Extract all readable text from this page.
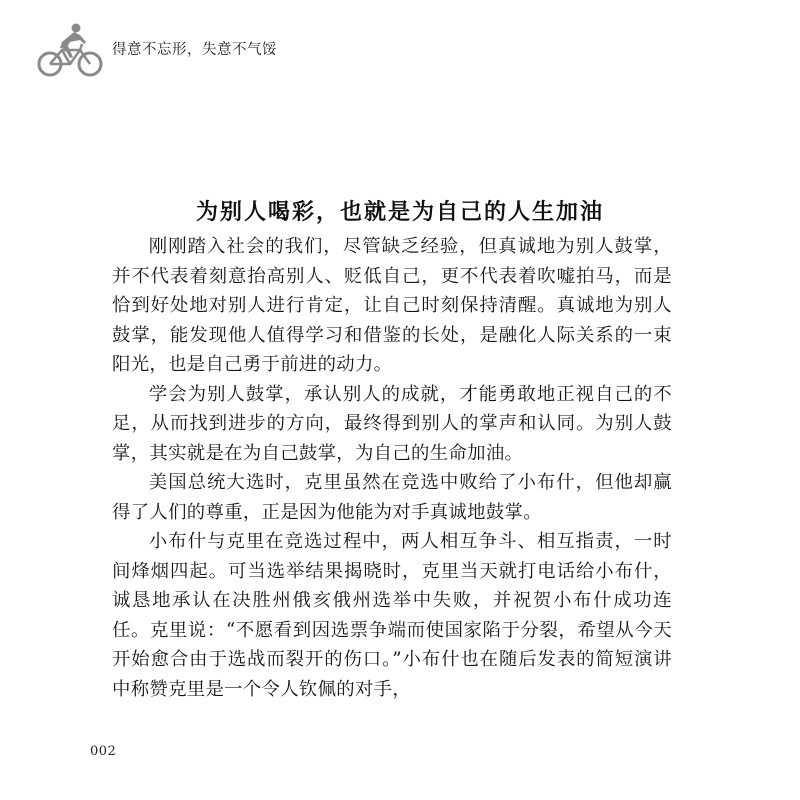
得意不忘形，失意不气馁
为别人喝彩，也就是为自己的人生加油

刚刚踏入社会的我们，尽管缺乏经验，但真诚地为别人鼓掌，并不代表着刻意抬高别人、贬低自己，更不代表着吹嘘拍马，而是恰到好处地对别人进行肯定，让自己时刻保持清醒。真诚地为别人鼓掌，能发现他人值得学习和借鉴的长处，是融化人际关系的一束阳光，也是自己勇于前进的动力。

学会为别人鼓掌，承认别人的成就，才能勇敢地正视自己的不足，从而找到进步的方向，最终得到别人的掌声和认同。为别人鼓掌，其实就是在为自己鼓掌，为自己的生命加油。

美国总统大选时，克里虽然在竞选中败给了小布什，但他却赢得了人们的尊重，正是因为他能为对手真诚地鼓掌。

小布什与克里在竞选过程中，两人相互争斗、相互指责，一时间烽烟四起。可当选举结果揭晓时，克里当天就打电话给小布什，诚恳地承认在决胜州俄亥俄州选举中失败，并祝贺小布什成功连任。克里说：“不愿看到因选票争端而使国家陷于分裂，希望从今天开始愈合由于选战而裂开的伤口。”小布什也在随后发表的简短演讲中称赞克里是一个令人钦佩的对手，

002
